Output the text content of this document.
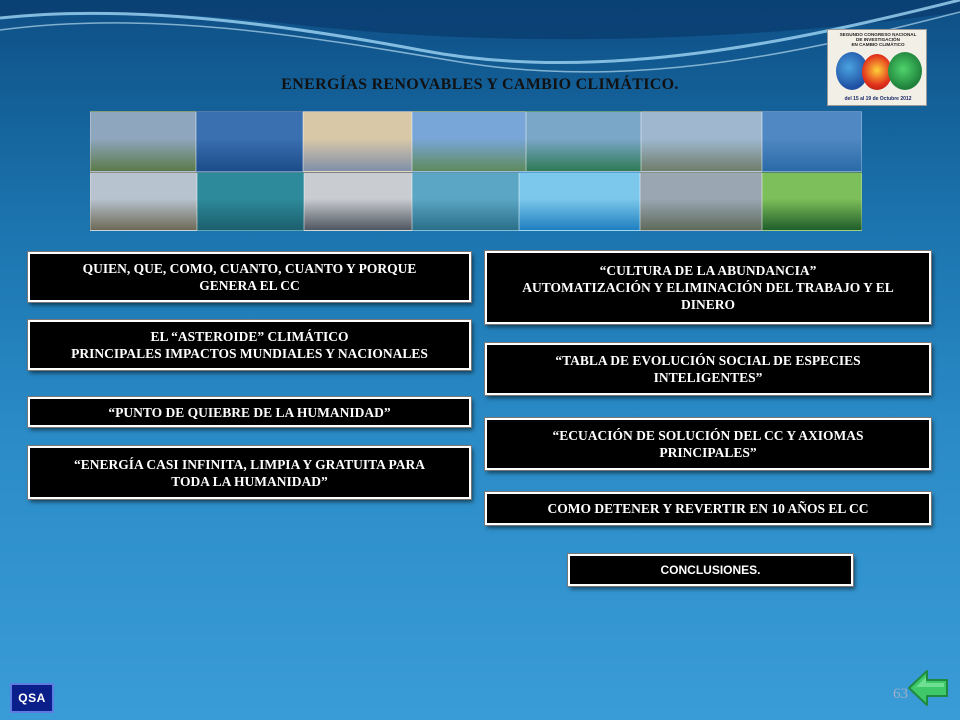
ENERGÍAS RENOVABLES Y CAMBIO CLIMÁTICO.
SEGUNDO CONGRESO NACIONAL
DE INVESTIGACIÓN
EN CAMBIO CLIMÁTICO
del 15 al 19 de Octubre 2012
QUIEN, QUE, COMO, CUANTO, CUANTO Y PORQUE
GENERA EL CC
EL “ASTEROIDE” CLIMÁTICO
PRINCIPALES IMPACTOS MUNDIALES Y NACIONALES
“PUNTO DE QUIEBRE DE LA HUMANIDAD”
“ENERGÍA CASI INFINITA, LIMPIA Y GRATUITA PARA
TODA LA HUMANIDAD”
“CULTURA DE LA ABUNDANCIA”
AUTOMATIZACIÓN Y ELIMINACIÓN DEL TRABAJO Y EL
DINERO
“TABLA DE EVOLUCIÓN SOCIAL DE ESPECIES
INTELIGENTES”
“ECUACIÓN DE SOLUCIÓN DEL CC Y AXIOMAS
PRINCIPALES”
COMO DETENER Y REVERTIR EN 10 AÑOS EL CC
CONCLUSIONES.
QSA	63
